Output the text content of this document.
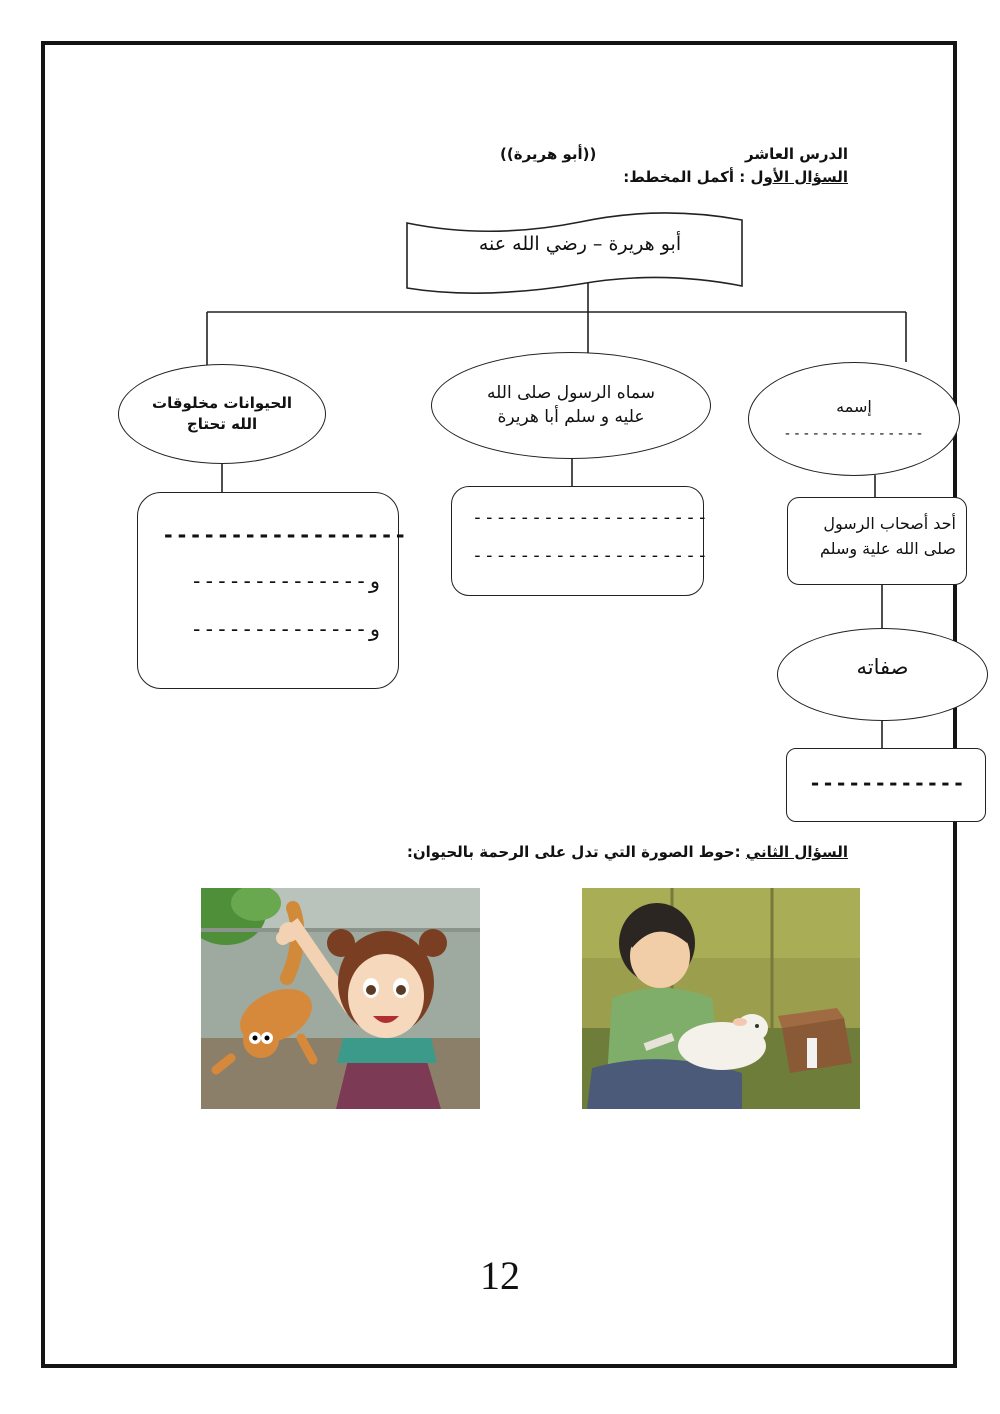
الدرس العاشر
((أبو هريرة))
السؤال الأول : أكمل المخطط:
أبو هريرة – رضي الله عنه
إسمه
---------------
سماه الرسول صلى الله
عليه و سلم أبا هريرة
الحيوانات مخلوقات
الله تحتاج
أحد أصحاب الرسول
صلى الله علية وسلم
--------------------
--------------------
------------------
و--------------
و--------------
صفاته
------------
السؤال الثاني :حوط الصورة التي تدل على الرحمة بالحيوان:
12
